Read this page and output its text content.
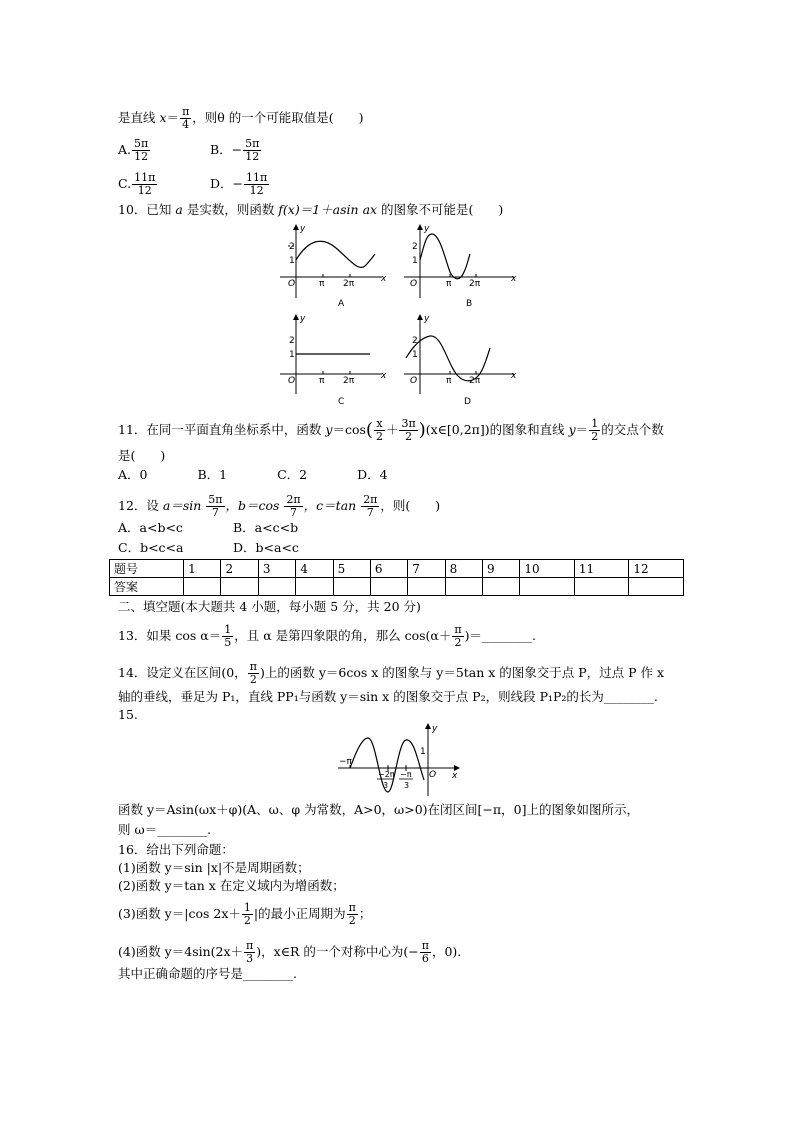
是直线 $x= \frac{\pi}{4}$ ，则θ 的一个可能取值是(　　)
A. $\frac{5\pi}{12}$	B．− $\frac{5\pi}{12}$
C. $\frac{11\pi}{12}$	D．− $\frac{11\pi}{12}$
10．已知 a 是实数，则函数 f(x)＝1＋asin ax 的图象不可能是(　　)
y
x
O
2
1
π 2π
A
y
x
O
2
1
π 2π
B
y
x
O
2
1
π 2π
C
y
x
O
2
1
π 2π
D
11．在同一平面直角坐标系中，函数 $y=\cos( \frac{x}{2} + \frac{3\pi}{2}$ )(x∈[0,2π])的图象和直线 $y= \frac{1}{2}$ 的交点个数
是(　　)
A．0　　　　B．1　　　　C．2　　　　D．4
12．设 $a=\sin \frac{5\pi}{7}$ ，$b=\cos \frac{2\pi}{7}$ ，$c=\tan \frac{2\pi}{7}$ ，则(　　)
A．a<b<c	B．a<c<b
C．b<c<a	D．b<a<c
题号	1	2	3	4	5	6	7	8	9	10	11	12
答案												
二、填空题(本大题共 4 小题，每小题 5 分，共 20 分)
13．如果 $\cos \alpha= \frac{1}{5}$ ，且 α 是第四象限的角，那么 $\cos(\alpha+ \frac{\pi}{2}$ )＝________.
14．设定义在区间(0， $\frac{\pi}{2}$ )上的函数 y＝6cos x 的图象与 y＝5tan x 的图象交于点 P，过点 P 作 x
轴的垂线，垂足为 P₁，直线 PP₁与函数 y＝sin x 的图象交于点 P₂，则线段 P₁P₂的长为________.
15.
y
x
O
1
−π
−2π
3
−π
3
函数 y＝Asin(ωx＋φ)(A、ω、φ 为常数，A>0，ω>0)在闭区间[−π，0]上的图象如图所示，
则 ω＝________.
16．给出下列命题：
(1)函数 y＝sin |x|不是周期函数；
(2)函数 y＝tan x 在定义域内为增函数；
(3)函数 y＝|cos $2x+ \frac{1}{2}$ |的最小正周期为 $\frac{\pi}{2}$ ；
(4)函数 $y=4\sin(2x+ \frac{\pi}{3}$ )，x∈R 的一个对称中心为(− $\frac{\pi}{6}$ ，0).
其中正确命题的序号是________.
